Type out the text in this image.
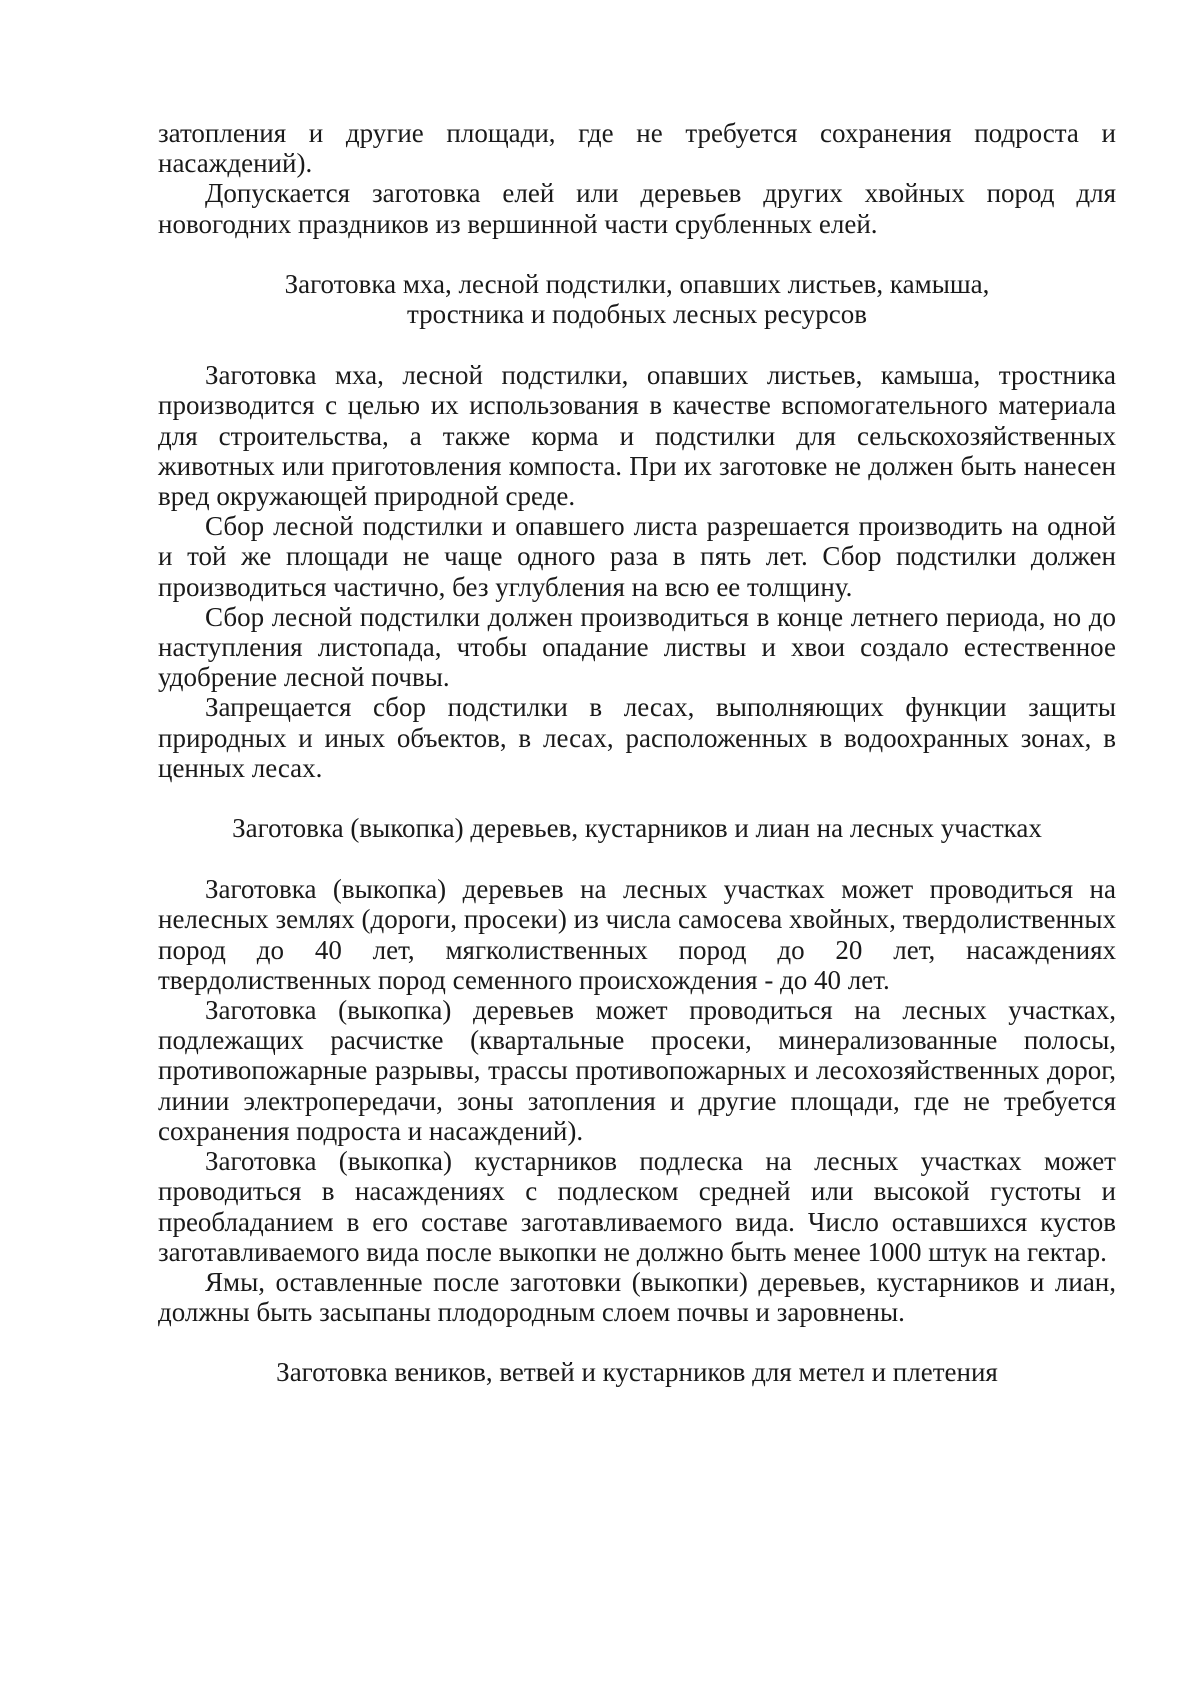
затопления и другие площади, где не требуется сохранения подроста и насаждений).

Допускается заготовка елей или деревьев других хвойных пород для новогодних праздников из вершинной части срубленных елей.

Заготовка мха, лесной подстилки, опавших листьев, камыша,
тростника и подобных лесных ресурсов

Заготовка мха, лесной подстилки, опавших листьев, камыша, тростника производится с целью их использования в качестве вспомогательного материала для строительства, а также корма и подстилки для сельскохозяйственных животных или приготовления компоста. При их заготовке не должен быть нанесен вред окружающей природной среде.

Сбор лесной подстилки и опавшего листа разрешается производить на одной и той же площади не чаще одного раза в пять лет. Сбор подстилки должен производиться частично, без углубления на всю ее толщину.

Сбор лесной подстилки должен производиться в конце летнего периода, но до наступления листопада, чтобы опадание листвы и хвои создало естественное удобрение лесной почвы.

Запрещается сбор подстилки в лесах, выполняющих функции защиты природных и иных объектов, в лесах, расположенных в водоохранных зонах, в ценных лесах.

Заготовка (выкопка) деревьев, кустарников и лиан на лесных участках

Заготовка (выкопка) деревьев на лесных участках может проводиться на нелесных землях (дороги, просеки) из числа самосева хвойных, твердолиственных пород до 40 лет, мягколиственных пород до 20 лет, насаждениях твердолиственных пород семенного происхождения - до 40 лет.

Заготовка (выкопка) деревьев может проводиться на лесных участках, подлежащих расчистке (квартальные просеки, минерализованные полосы, противопожарные разрывы, трассы противопожарных и лесохозяйственных дорог, линии электропередачи, зоны затопления и другие площади, где не требуется сохранения подроста и насаждений).

Заготовка (выкопка) кустарников подлеска на лесных участках может проводиться в насаждениях с подлеском средней или высокой густоты и преобладанием в его составе заготавливаемого вида. Число оставшихся кустов заготавливаемого вида после выкопки не должно быть менее 1000 штук на гектар.

Ямы, оставленные после заготовки (выкопки) деревьев, кустарников и лиан, должны быть засыпаны плодородным слоем почвы и заровнены.

Заготовка веников, ветвей и кустарников для метел и плетения
